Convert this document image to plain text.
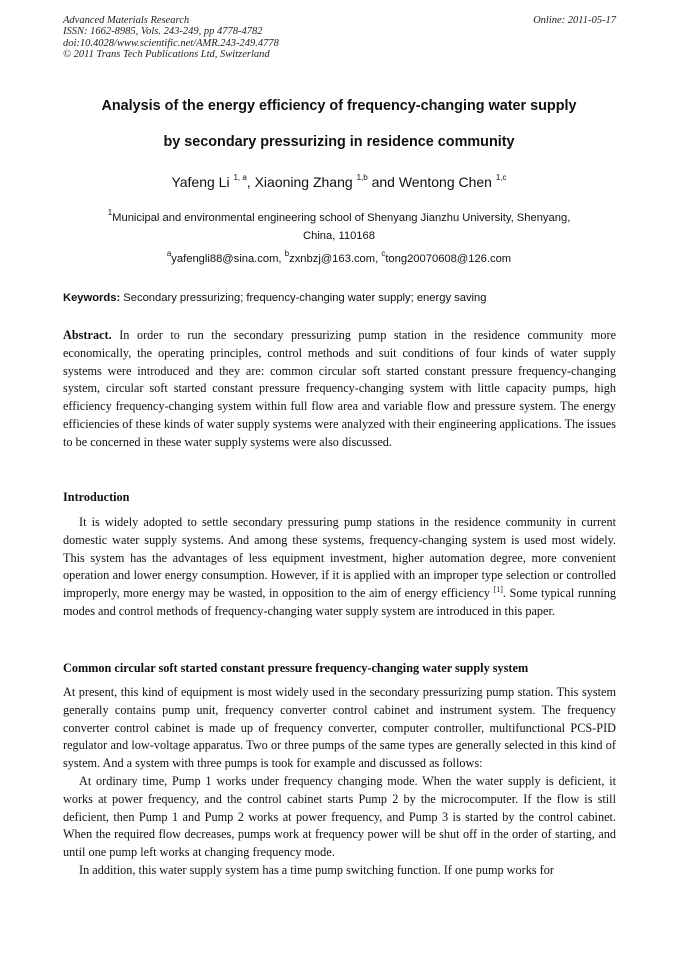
Advanced Materials Research
ISSN: 1662-8985, Vols. 243-249, pp 4778-4782
doi:10.4028/www.scientific.net/AMR.243-249.4778
© 2011 Trans Tech Publications Ltd, Switzerland
Online: 2011-05-17
Analysis of the energy efficiency of frequency-changing water supply
by secondary pressurizing in residence community
Yafeng Li $^{1, a}$, Xiaoning Zhang $^{1,b}$ and Wentong Chen $^{1,c}$
$^1$Municipal and environmental engineering school of Shenyang Jianzhu University, Shenyang,
China, 110168
$^a$yafengli88@sina.com, $^b$zxnbzj@163.com, $^c$tong20070608@126.com
Keywords: Secondary pressurizing; frequency-changing water supply; energy saving
Abstract. In order to run the secondary pressurizing pump station in the residence community more economically, the operating principles, control methods and suit conditions of four kinds of water supply systems were introduced and they are: common circular soft started constant pressure frequency-changing system, circular soft started constant pressure frequency-changing system with little capacity pumps, high efficiency frequency-changing system within full flow area and variable flow and pressure system. The energy efficiencies of these kinds of water supply systems were analyzed with their engineering applications. The issues to be concerned in these water supply systems were also discussed.
Introduction

It is widely adopted to settle secondary pressuring pump stations in the residence community in current domestic water supply systems. And among these systems, frequency-changing system is used most widely. This system has the advantages of less equipment investment, higher automation degree, more convenient operation and lower energy consumption. However, if it is applied with an improper type selection or controlled improperly, more energy may be wasted, in opposition to the aim of energy efficiency [1]. Some typical running modes and control methods of frequency-changing water supply system are introduced in this paper.

Common circular soft started constant pressure frequency-changing water supply system

At present, this kind of equipment is most widely used in the secondary pressurizing pump station. This system generally contains pump unit, frequency converter control cabinet and instrument system. The frequency converter control cabinet is made up of frequency converter, computer controller, multifunctional PCS-PID regulator and low-voltage apparatus. Two or three pumps of the same types are generally selected in this kind of system. And a system with three pumps is took for example and discussed as follows:

At ordinary time, Pump 1 works under frequency changing mode. When the water supply is deficient, it works at power frequency, and the control cabinet starts Pump 2 by the microcomputer. If the flow is still deficient, then Pump 1 and Pump 2 works at power frequency, and Pump 3 is started by the control cabinet. When the required flow decreases, pumps work at frequency power will be shut off in the order of starting, and until one pump left works at changing frequency mode.

In addition, this water supply system has a time pump switching function. If one pump works for
